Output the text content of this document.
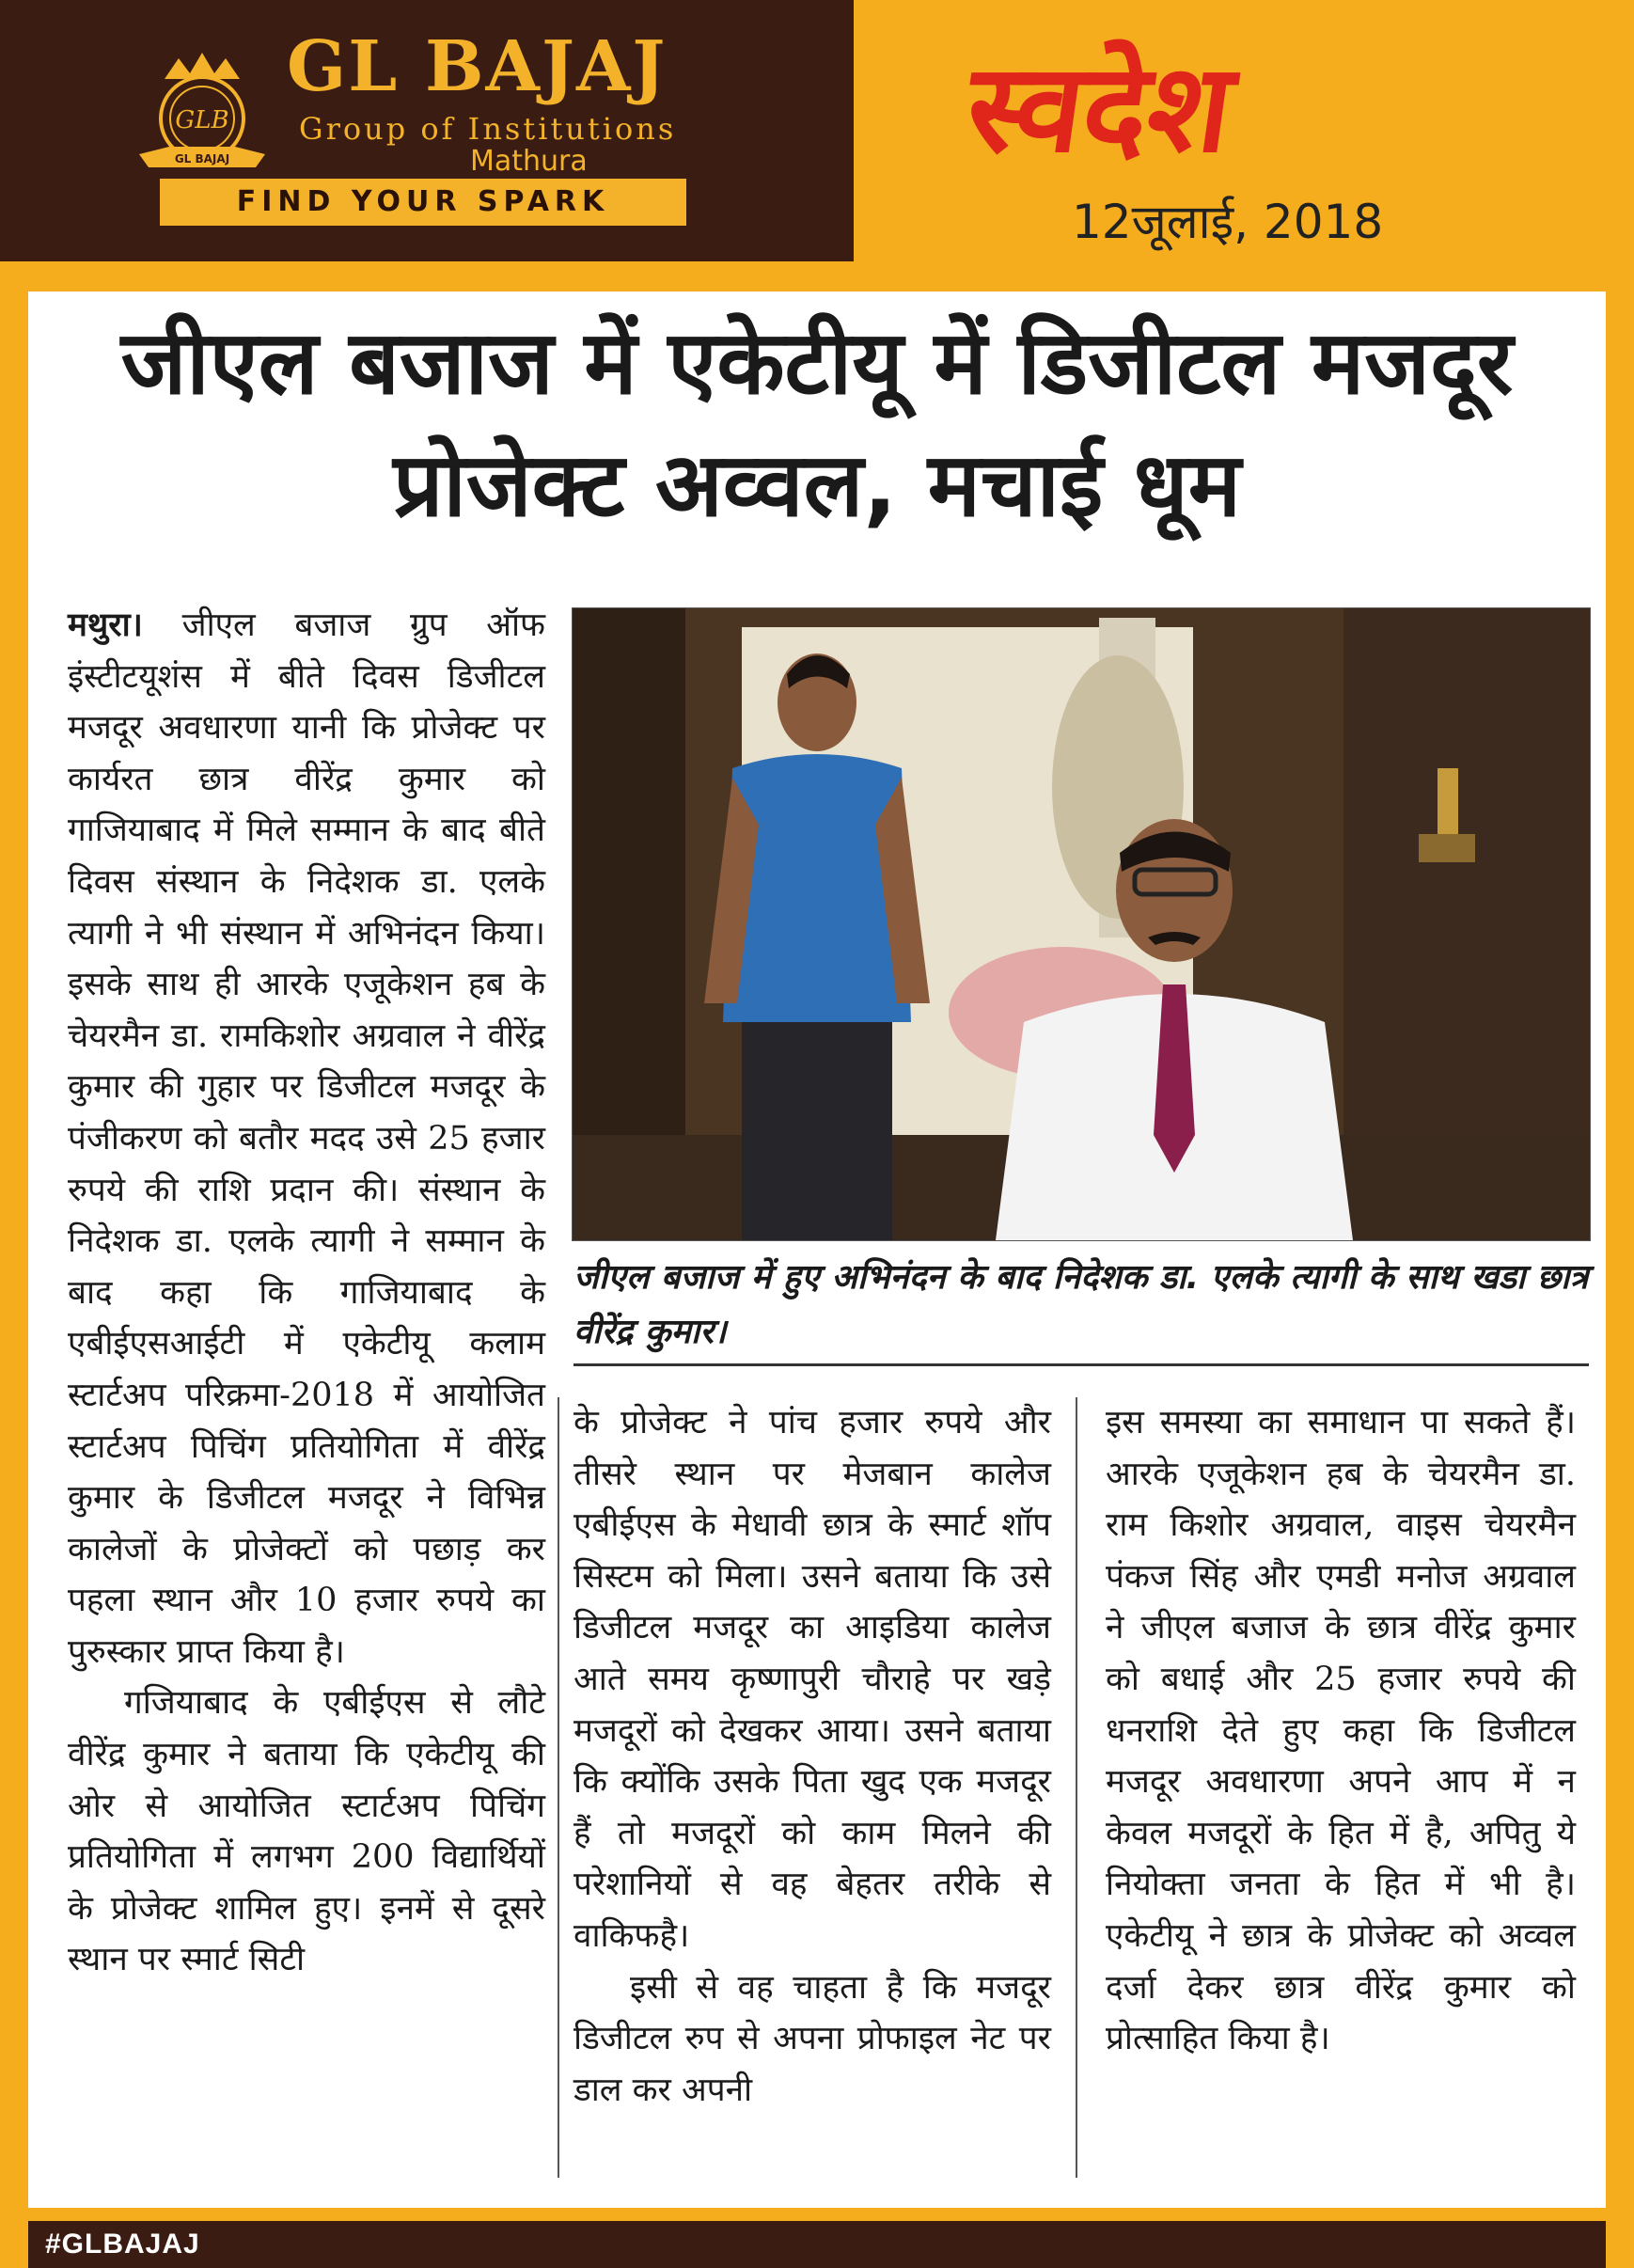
GLB
GL BAJAJ
GL BAJAJ
Group of Institutions
Mathura
FIND YOUR SPARK
स्वदेश
12जूलाई, 2018
जीएल बजाज में एकेटीयू में डिजीटल मजदूर
प्रोजेक्ट अव्वल, मचाई धूम

मथुरा। जीएल बजाज ग्रुप ऑफ इंस्टीटयूशंस में बीते दिवस डिजीटल मजदूर अवधारणा यानी कि प्रोजेक्ट पर कार्यरत छात्र वीरेंद्र कुमार को गाजियाबाद में मिले सम्मान के बाद बीते दिवस संस्थान के निदेशक डा. एलके त्यागी ने भी संस्थान में अभिनंदन किया। इसके साथ ही आरके एजूकेशन हब के चेयरमैन डा. रामकिशोर अग्रवाल ने वीरेंद्र कुमार की गुहार पर डिजीटल मजदूर के पंजीकरण को बतौर मदद उसे 25 हजार रुपये की राशि प्रदान की। संस्थान के निदेशक डा. एलके त्यागी ने सम्मान के बाद कहा कि गाजियाबाद के एबीईएसआईटी में एकेटीयू कलाम स्टार्टअप परिक्रमा-2018 में आयोजित स्टार्टअप पिचिंग प्रतियोगिता में वीरेंद्र कुमार के डिजीटल मजदूर ने विभिन्न कालेजों के प्रोजेक्टों को पछाड़ कर पहला स्थान और 10 हजार रुपये का पुरुस्कार प्राप्त किया है।

गजियाबाद के एबीईएस से लौटे वीरेंद्र कुमार ने बताया कि एकेटीयू की ओर से आयोजित स्टार्टअप पिचिंग प्रतियोगिता में लगभग 200 विद्यार्थियों के प्रोजेक्ट शामिल हुए। इनमें से दूसरे स्थान पर स्मार्ट सिटी

जीएल बजाज में हुए अभिनंदन के बाद निदेशक डा. एलके त्यागी के साथ खडा छात्र वीरेंद्र कुमार।

के प्रोजेक्ट ने पांच हजार रुपये और तीसरे स्थान पर मेजबान कालेज एबीईएस के मेधावी छात्र के स्मार्ट शॉप सिस्टम को मिला। उसने बताया कि उसे डिजीटल मजदूर का आइडिया कालेज आते समय कृष्णापुरी चौराहे पर खड़े मजदूरों को देखकर आया। उसने बताया कि क्योंकि उसके पिता खुद एक मजदूर हैं तो मजदूरों को काम मिलने की परेशानियों से वह बेहतर तरीके से वाकिफहै।

इसी से वह चाहता है कि मजदूर डिजीटल रुप से अपना प्रोफाइल नेट पर डाल कर अपनी

इस समस्या का समाधान पा सकते हैं। आरके एजूकेशन हब के चेयरमैन डा. राम किशोर अग्रवाल, वाइस चेयरमैन पंकज सिंह और एमडी मनोज अग्रवाल ने जीएल बजाज के छात्र वीरेंद्र कुमार को बधाई और 25 हजार रुपये की धनराशि देते हुए कहा कि डिजीटल मजदूर अवधारणा अपने आप में न केवल मजदूरों के हित में है, अपितु ये नियोक्ता जनता के हित में भी है। एकेटीयू ने छात्र के प्रोजेक्ट को अव्वल दर्जा देकर छात्र वीरेंद्र कुमार को प्रोत्साहित किया है।

#GLBAJAJ
